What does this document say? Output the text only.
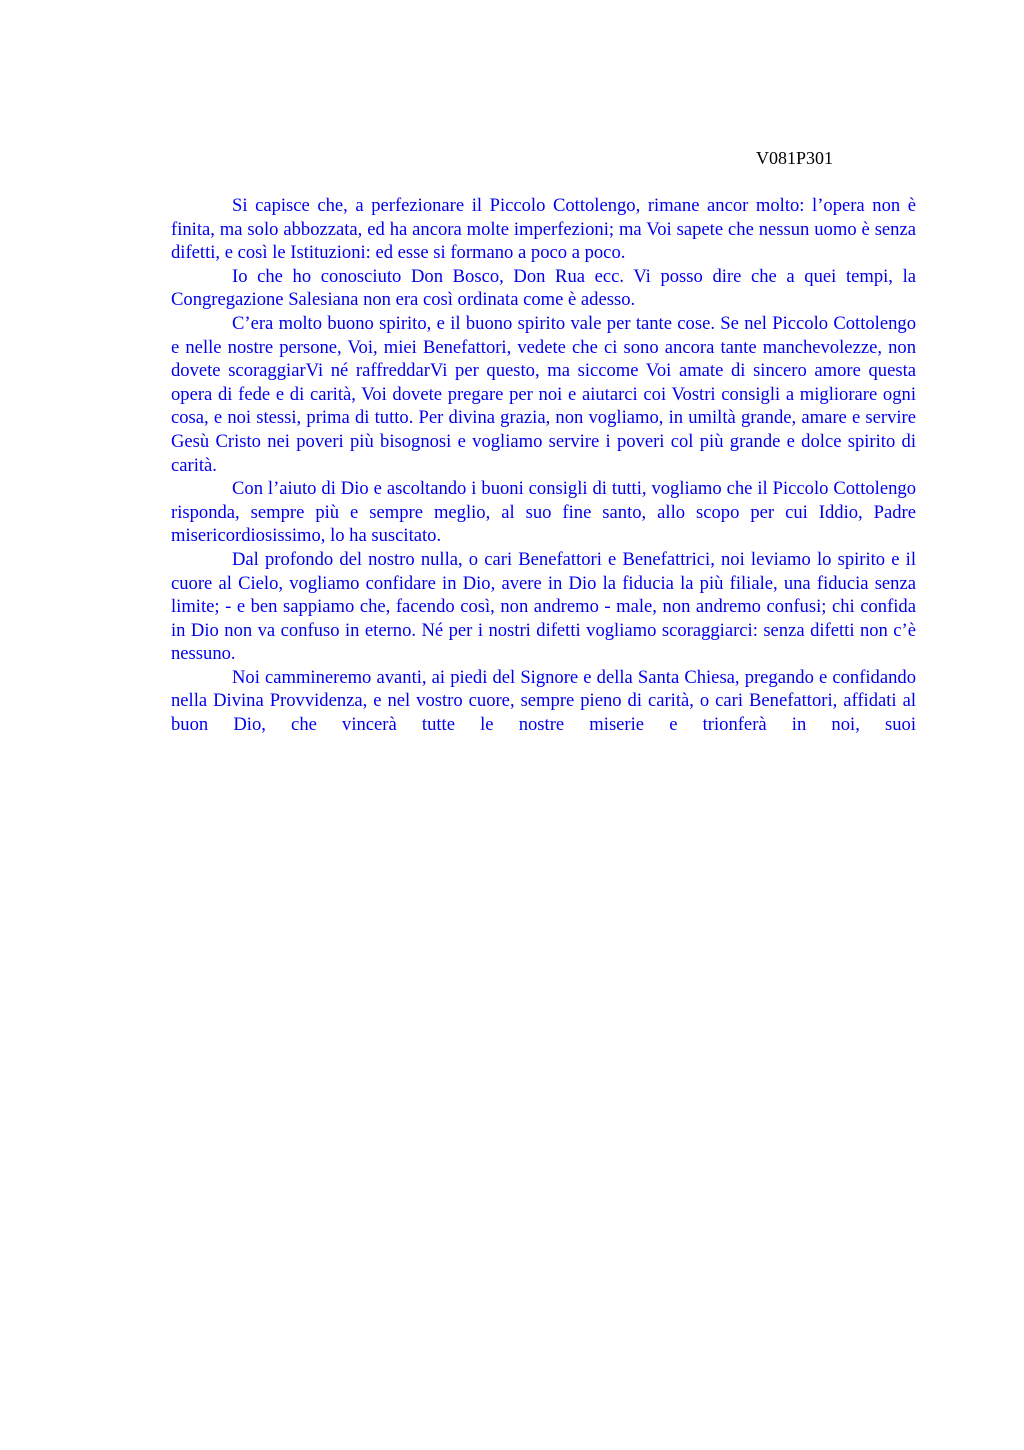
V081P301

Si capisce che, a perfezionare il Piccolo Cottolengo, rimane ancor molto: l’opera non è finita, ma solo abbozzata, ed ha ancora molte imperfezioni; ma Voi sapete che nessun uomo è senza difetti, e così le Istituzioni: ed esse si formano a poco a poco.

Io che ho conosciuto Don Bosco, Don Rua ecc. Vi posso dire che a quei tempi, la Congregazione Salesiana non era così ordinata come è adesso.

C’era molto buono spirito, e il buono spirito vale per tante cose. Se nel Piccolo Cottolengo e nelle nostre persone, Voi, miei Benefattori, vedete che ci sono ancora tante manchevolezze, non dovete scoraggiarVi né raffreddarVi per questo, ma siccome Voi amate di sincero amore questa opera di fede e di carità, Voi dovete pregare per noi e aiutarci coi Vostri consigli a migliorare ogni cosa, e noi stessi, prima di tutto. Per divina grazia, non vogliamo, in umiltà grande, amare e servire Gesù Cristo nei poveri più bisognosi e vogliamo servire i poveri col più grande e dolce spirito di carità.

Con l’aiuto di Dio e ascoltando i buoni consigli di tutti, vogliamo che il Piccolo Cottolengo risponda, sempre più e sempre meglio, al suo fine santo, allo scopo per cui Iddio, Padre misericordiosissimo, lo ha suscitato.

Dal profondo del nostro nulla, o cari Benefattori e Benefattrici, noi leviamo lo spirito e il cuore al Cielo, vogliamo confidare in Dio, avere in Dio la fiducia la più filiale, una fiducia senza limite; - e ben sappiamo che, facendo così, non andremo - male, non andremo confusi; chi confida in Dio non va confuso in eterno. Né per i nostri difetti vogliamo scoraggiarci: senza difetti non c’è nessuno.

Noi cammineremo avanti, ai piedi del Signore e della Santa Chiesa, pregando e confidando nella Divina Provvidenza, e nel vostro cuore, sempre pieno di carità, o cari Benefattori, affidati al buon Dio, che vincerà tutte le nostre miserie e trionferà in noi, suoi
